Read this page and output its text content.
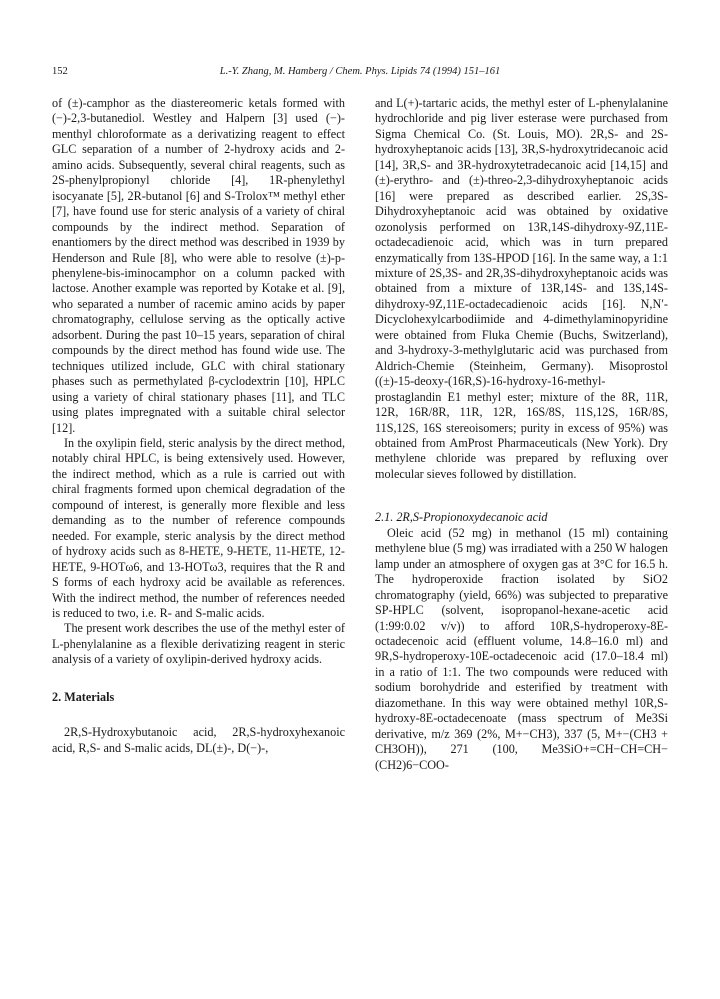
152	L.-Y. Zhang, M. Hamberg / Chem. Phys. Lipids 74 (1994) 151–161

of (±)-camphor as the diastereomeric ketals formed with (−)-2,3-butanediol. Westley and Halpern [3] used (−)-menthyl chloroformate as a derivatizing reagent to effect GLC separation of a number of 2-hydroxy acids and 2-amino acids. Subsequently, several chiral reagents, such as 2S-phenylpropionyl chloride [4], 1R-phenylethyl isocyanate [5], 2R-butanol [6] and S-Trolox™ methyl ether [7], have found use for steric analysis of a variety of chiral compounds by the indirect method. Separation of enantiomers by the direct method was described in 1939 by Henderson and Rule [8], who were able to resolve (±)-p-phenylene-bis-iminocamphor on a column packed with lactose. Another example was reported by Kotake et al. [9], who separated a number of racemic amino acids by paper chromatography, cellulose serving as the optically active adsorbent. During the past 10–15 years, separation of chiral compounds by the direct method has found wide use. The techniques utilized include, GLC with chiral stationary phases such as permethylated β-cyclodextrin [10], HPLC using a variety of chiral stationary phases [11], and TLC using plates impregnated with a suitable chiral selector [12].

In the oxylipin field, steric analysis by the direct method, notably chiral HPLC, is being extensively used. However, the indirect method, which as a rule is carried out with chiral fragments formed upon chemical degradation of the compound of interest, is generally more flexible and less demanding as to the number of reference compounds needed. For example, steric analysis by the direct method of hydroxy acids such as 8-HETE, 9-HETE, 11-HETE, 12-HETE, 9-HOTω6, and 13-HOTω3, requires that the R and S forms of each hydroxy acid be available as references. With the indirect method, the number of references needed is reduced to two, i.e. R- and S-malic acids.

The present work describes the use of the methyl ester of L-phenylalanine as a flexible derivatizing reagent in steric analysis of a variety of oxylipin-derived hydroxy acids.

2. Materials

2R,S-Hydroxybutanoic acid, 2R,S-hydroxyhexanoic acid, R,S- and S-malic acids, DL(±)-, D(−)-,

and L(+)-tartaric acids, the methyl ester of L-phenylalanine hydrochloride and pig liver esterase were purchased from Sigma Chemical Co. (St. Louis, MO). 2R,S- and 2S-hydroxyheptanoic acids [13], 3R,S-hydroxytridecanoic acid [14], 3R,S- and 3R-hydroxytetradecanoic acid [14,15] and (±)-erythro- and (±)-threo-2,3-dihydroxyheptanoic acids [16] were prepared as described earlier. 2S,3S-Dihydroxyheptanoic acid was obtained by oxidative ozonolysis performed on 13R,14S-dihydroxy-9Z,11E-octadecadienoic acid, which was in turn prepared enzymatically from 13S-HPOD [16]. In the same way, a 1:1 mixture of 2S,3S- and 2R,3S-dihydroxyheptanoic acids was obtained from a mixture of 13R,14S- and 13S,14S-dihydroxy-9Z,11E-octadecadienoic acids [16]. N,N′-Dicyclohexylcarbodiimide and 4-dimethylaminopyridine were obtained from Fluka Chemie (Buchs, Switzerland), and 3-hydroxy-3-methylglutaric acid was purchased from Aldrich-Chemie (Steinheim, Germany). Misoprostol ((±)-15-deoxy-(16R,S)-16-hydroxy-16-methyl-prostaglandin E1 methyl ester; mixture of the 8R, 11R, 12R, 16R/8R, 11R, 12R, 16S/8S, 11S,12S, 16R/8S, 11S,12S, 16S stereoisomers; purity in excess of 95%) was obtained from AmProst Pharmaceuticals (New York). Dry methylene chloride was prepared by refluxing over molecular sieves followed by distillation.

2.1. 2R,S-Propionoxydecanoic acid

Oleic acid (52 mg) in methanol (15 ml) containing methylene blue (5 mg) was irradiated with a 250 W halogen lamp under an atmosphere of oxygen gas at 3°C for 16.5 h. The hydroperoxide fraction isolated by SiO2 chromatography (yield, 66%) was subjected to preparative SP-HPLC (solvent, isopropanol-hexane-acetic acid (1:99:0.02 v/v)) to afford 10R,S-hydroperoxy-8E-octadecenoic acid (effluent volume, 14.8–16.0 ml) and 9R,S-hydroperoxy-10E-octadecenoic acid (17.0–18.4 ml) in a ratio of 1:1. The two compounds were reduced with sodium borohydride and esterified by treatment with diazomethane. In this way were obtained methyl 10R,S-hydroxy-8E-octadecenoate (mass spectrum of Me3Si derivative, m/z 369 (2%, M+−CH3), 337 (5, M+−(CH3 + CH3OH)), 271 (100, Me3SiO+=CH−CH=CH−(CH2)6−COO-
